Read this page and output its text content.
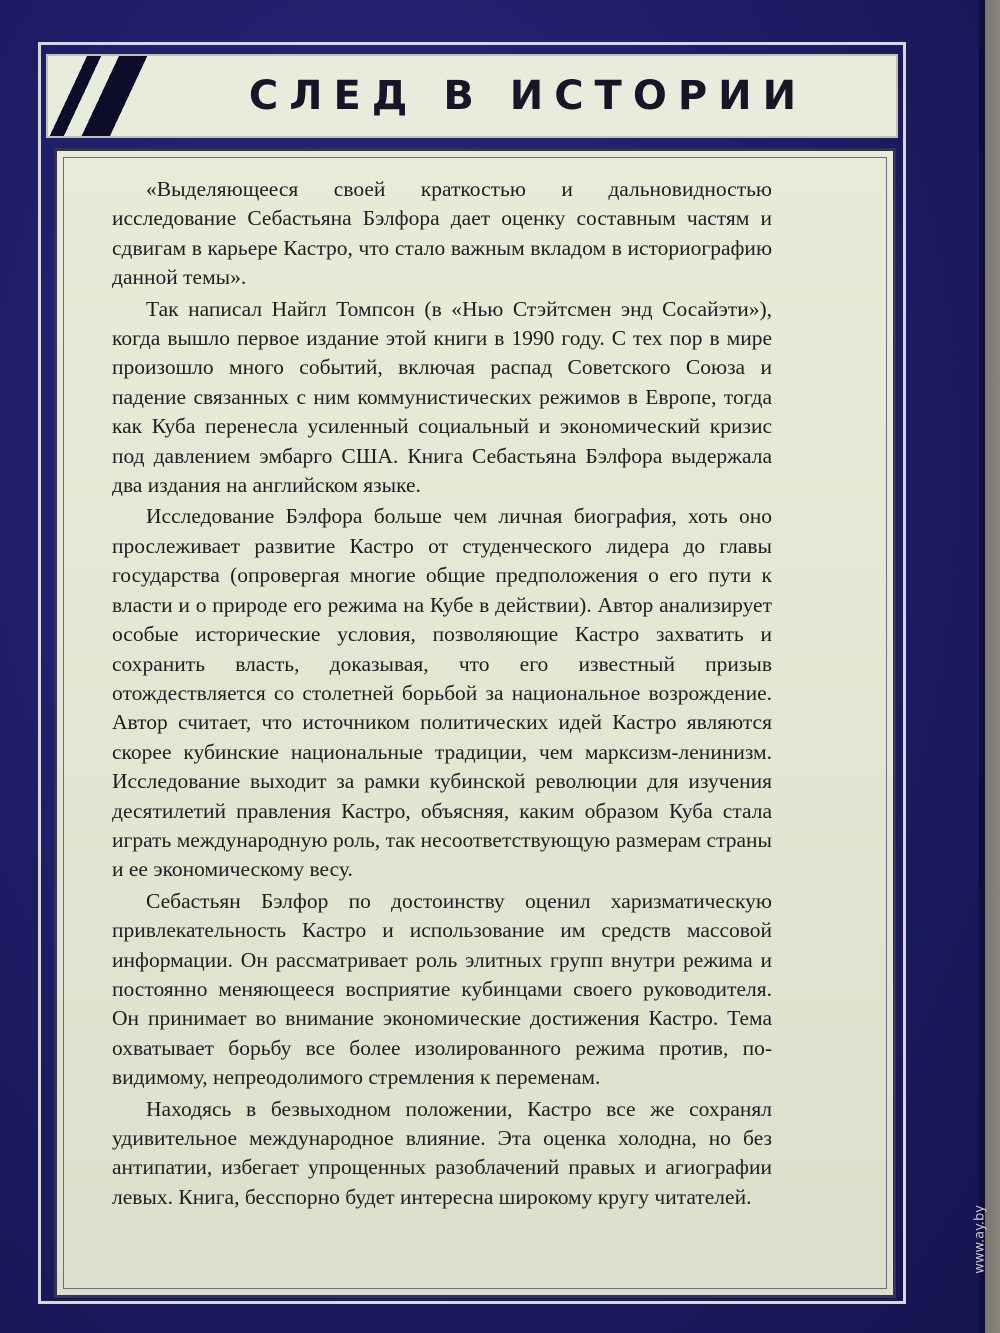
СЛЕД В ИСТОРИИ

«Выделяющееся своей краткостью и дальновидностью исследование Себастьяна Бэлфора дает оценку составным частям и сдвигам в карьере Кастро, что стало важным вкладом в историографию данной темы».

Так написал Найгл Томпсон (в «Нью Стэйтсмен энд Сосайэти»), когда вышло первое издание этой книги в 1990 году. С тех пор в мире произошло много событий, включая распад Советского Союза и падение связанных с ним коммунистических режимов в Европе, тогда как Куба перенесла усиленный социальный и экономический кризис под давлением эмбарго США. Книга Себастьяна Бэлфора выдержала два издания на английском языке.

Исследование Бэлфора больше чем личная биография, хоть оно прослеживает развитие Кастро от студенческого лидера до главы государства (опровергая многие общие предположения о его пути к власти и о природе его режима на Кубе в действии). Автор анализирует особые исторические условия, позволяющие Кастро захватить и сохранить власть, доказывая, что его известный призыв отождествляется со столетней борьбой за национальное возрождение. Автор считает, что источником политических идей Кастро являются скорее кубинские национальные традиции, чем марксизм-ленинизм. Исследование выходит за рамки кубинской революции для изучения десятилетий правления Кастро, объясняя, каким образом Куба стала играть международную роль, так несоответствующую размерам страны и ее экономическому весу.

Себастьян Бэлфор по достоинству оценил харизматическую привлекательность Кастро и использование им средств массовой информации. Он рассматривает роль элитных групп внутри режима и постоянно меняющееся восприятие кубинцами своего руководителя. Он принимает во внимание экономические достижения Кастро. Тема охватывает борьбу все более изолированного режима против, по-видимому, непреодолимого стремления к переменам.

Находясь в безвыходном положении, Кастро все же сохранял удивительное международное влияние. Эта оценка холодна, но без антипатии, избегает упрощенных разоблачений правых и агиографии левых. Книга, бесспорно будет интересна широкому кругу читателей.

www.ay.by
